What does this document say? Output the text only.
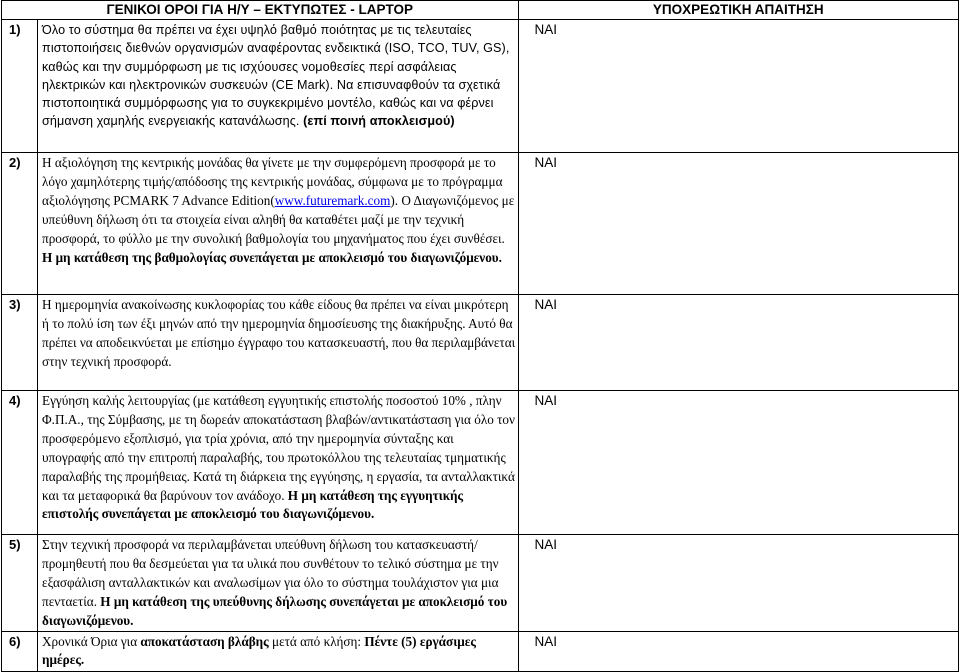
ΓΕΝΙΚΟΙ ΟΡΟΙ ΓΙΑ Η/Υ – ΕΚΤΥΠΩΤΕΣ - LAPTOP		ΥΠΟΧΡΕΩΤΙΚΗ ΑΠΑΙΤΗΣΗ
1)	Όλο το σύστημα θα πρέπει να έχει υψηλό βαθμό ποιότητας με τις τελευταίες πιστοποιήσεις διεθνών οργανισμών αναφέροντας ενδεικτικά (ISO, TCO, TUV, GS), καθώς και την συμμόρφωση με τις ισχύουσες νομοθεσίες περί ασφάλειας ηλεκτρικών και ηλεκτρονικών συσκευών (CE Mark). Να επισυναφθούν τα σχετικά πιστοποιητικά συμμόρφωσης για το συγκεκριμένο μοντέλο, καθώς και να φέρνει σήμανση χαμηλής ενεργειακής κατανάλωσης. (επί ποινή αποκλεισμού)	ΝΑΙ
2)	Η αξιολόγηση της κεντρικής μονάδας θα γίνετε με την συμφερόμενη προσφορά με το λόγο χαμηλότερης τιμής/απόδοσης της κεντρικής μονάδας, σύμφωνα με το πρόγραμμα αξιολόγησης PCMARK 7 Advance Edition(www.futuremark.com). Ο Διαγωνιζόμενος με υπεύθυνη δήλωση ότι τα στοιχεία είναι αληθή θα καταθέτει μαζί με την τεχνική προσφορά, το φύλλο με την συνολική βαθμολογία του μηχανήματος που έχει συνθέσει. Η μη κατάθεση της βαθμολογίας συνεπάγεται με αποκλεισμό του διαγωνιζόμενου.	ΝΑΙ
3)	Η ημερομηνία ανακοίνωσης κυκλοφορίας του κάθε είδους θα πρέπει να είναι μικρότερη ή το πολύ ίση των έξι μηνών από την ημερομηνία δημοσίευσης της διακήρυξης. Αυτό θα πρέπει να αποδεικνύεται με επίσημο έγγραφο του κατασκευαστή, που θα περιλαμβάνεται στην τεχνική προσφορά.	ΝΑΙ
4)	Εγγύηση καλής λειτουργίας (με κατάθεση εγγυητικής επιστολής ποσοστού 10% , πλην Φ.Π.Α., της Σύμβασης, με τη δωρεάν αποκατάσταση βλαβών/αντικατάσταση για όλο τον προσφερόμενο εξοπλισμό, για τρία χρόνια, από την ημερομηνία σύνταξης και υπογραφής από την επιτροπή παραλαβής, του πρωτοκόλλου της τελευταίας τμηματικής παραλαβής της προμήθειας. Κατά τη διάρκεια της εγγύησης, η εργασία, τα ανταλλακτικά και τα μεταφορικά θα βαρύνουν τον ανάδοχο. Η μη κατάθεση της εγγυητικής επιστολής συνεπάγεται με αποκλεισμό του διαγωνιζόμενου.	ΝΑΙ
5)	Στην τεχνική προσφορά να περιλαμβάνεται υπεύθυνη δήλωση του κατασκευαστή/προμηθευτή που θα δεσμεύεται για τα υλικά που συνθέτουν το τελικό σύστημα με την εξασφάλιση ανταλλακτικών και αναλωσίμων για όλο το σύστημα τουλάχιστον για μια πενταετία. Η μη κατάθεση της υπεύθυνης δήλωσης συνεπάγεται με αποκλεισμό του διαγωνιζόμενου.	ΝΑΙ
6)	Χρονικά Όρια για αποκατάσταση βλάβης μετά από κλήση: Πέντε (5) εργάσιμες ημέρες.	ΝΑΙ
